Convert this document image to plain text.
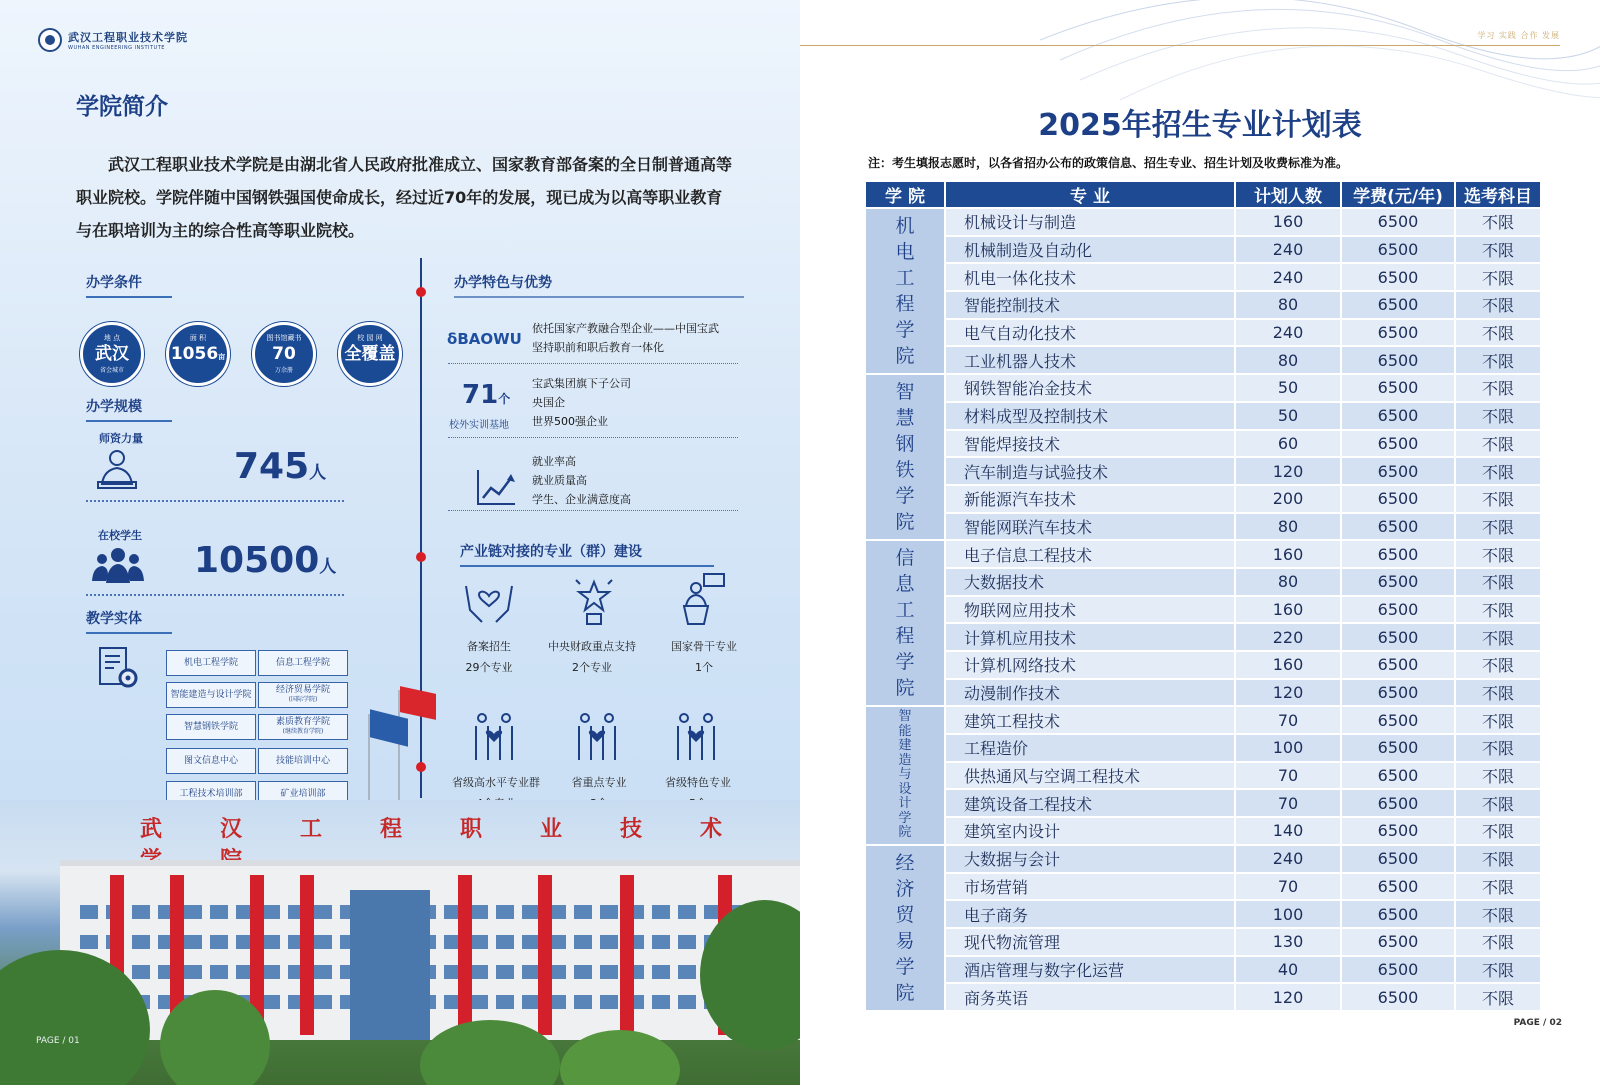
武汉工程职业技术学院
WUHAN ENGINEERING INSTITUTE
学院简介
武汉工程职业技术学院是由湖北省人民政府批准成立、国家教育部备案的全日制普通高等职业院校。学院伴随中国钢铁强国使命成长，经过近70年的发展，现已成为以高等职业教育与在职培训为主的综合性高等职业院校。
办学条件
地 点
武汉
省会城市
面 积
1056亩
图书馆藏书
70
万余册
校 园 网
全覆盖
办学规模
师资力量
745人
在校学生
10500人
教学实体
机电工程学院	信息工程学院
智能建造与设计学院	经济贸易学院
(国际学院)
智慧钢铁学院	素质教育学院
(继续教育学院)
图文信息中心	技能培训中心
工程技术培训部	矿业培训部
办学特色与优势
δBAOWU
依托国家产教融合型企业——中国宝武
坚持职前和职后教育一体化
71个
校外实训基地
宝武集团旗下子公司
央国企
世界500强企业
就业率高
就业质量高
学生、企业满意度高
产业链对接的专业（群）建设
备案招生
29个专业
中央财政重点支持
2个专业
国家骨干专业
1个
省级高水平专业群	省重点专业	省级特色专业
武汉工程职业技术
PAGE / 01
学习 实践 合作 发展
2025年招生专业计划表
注：考生填报志愿时，以各省招办公布的政策信息、招生专业、招生计划及收费标准为准。
学 院	专 业	计划人数	学费(元/年)	选考科目
机电工程学院	机械设计与制造	160	6500	不限
	机械制造及自动化	240	6500	不限
	机电一体化技术	240	6500	不限
	智能控制技术	80	6500	不限
	电气自动化技术	240	6500	不限
	工业机器人技术	80	6500	不限
智慧钢铁学院	钢铁智能冶金技术	50	6500	不限
	材料成型及控制技术	50	6500	不限
	智能焊接技术	60	6500	不限
	汽车制造与试验技术	120	6500	不限
	新能源汽车技术	200	6500	不限
	智能网联汽车技术	80	6500	不限
信息工程学院	电子信息工程技术	160	6500	不限
	大数据技术	80	6500	不限
	物联网应用技术	160	6500	不限
	计算机应用技术	220	6500	不限
	计算机网络技术	160	6500	不限
	动漫制作技术	120	6500	不限
智能建造与设计学院	建筑工程技术	70	6500	不限
	工程造价	100	6500	不限
	供热通风与空调工程技术	70	6500	不限
	建筑设备工程技术	70	6500	不限
	建筑室内设计	140	6500	不限
经济贸易学院	大数据与会计	240	6500	不限
	市场营销	70	6500	不限
	电子商务	100	6500	不限
	现代物流管理	130	6500	不限
	酒店管理与数字化运营	40	6500	不限
	商务英语	120	6500	不限
PAGE / 02
